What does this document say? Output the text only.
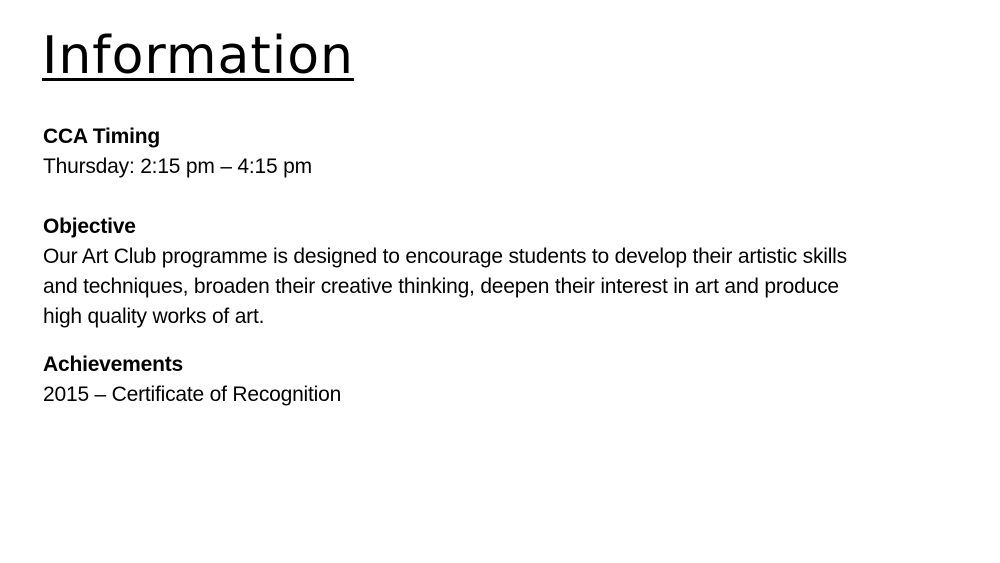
Information
CCA Timing
Thursday: 2:15 pm – 4:15 pm
Objective
Our Art Club programme is designed to encourage students to develop their artistic skills
and techniques, broaden their creative thinking, deepen their interest in art and produce
high quality works of art.
Achievements
2015 – Certificate of Recognition
